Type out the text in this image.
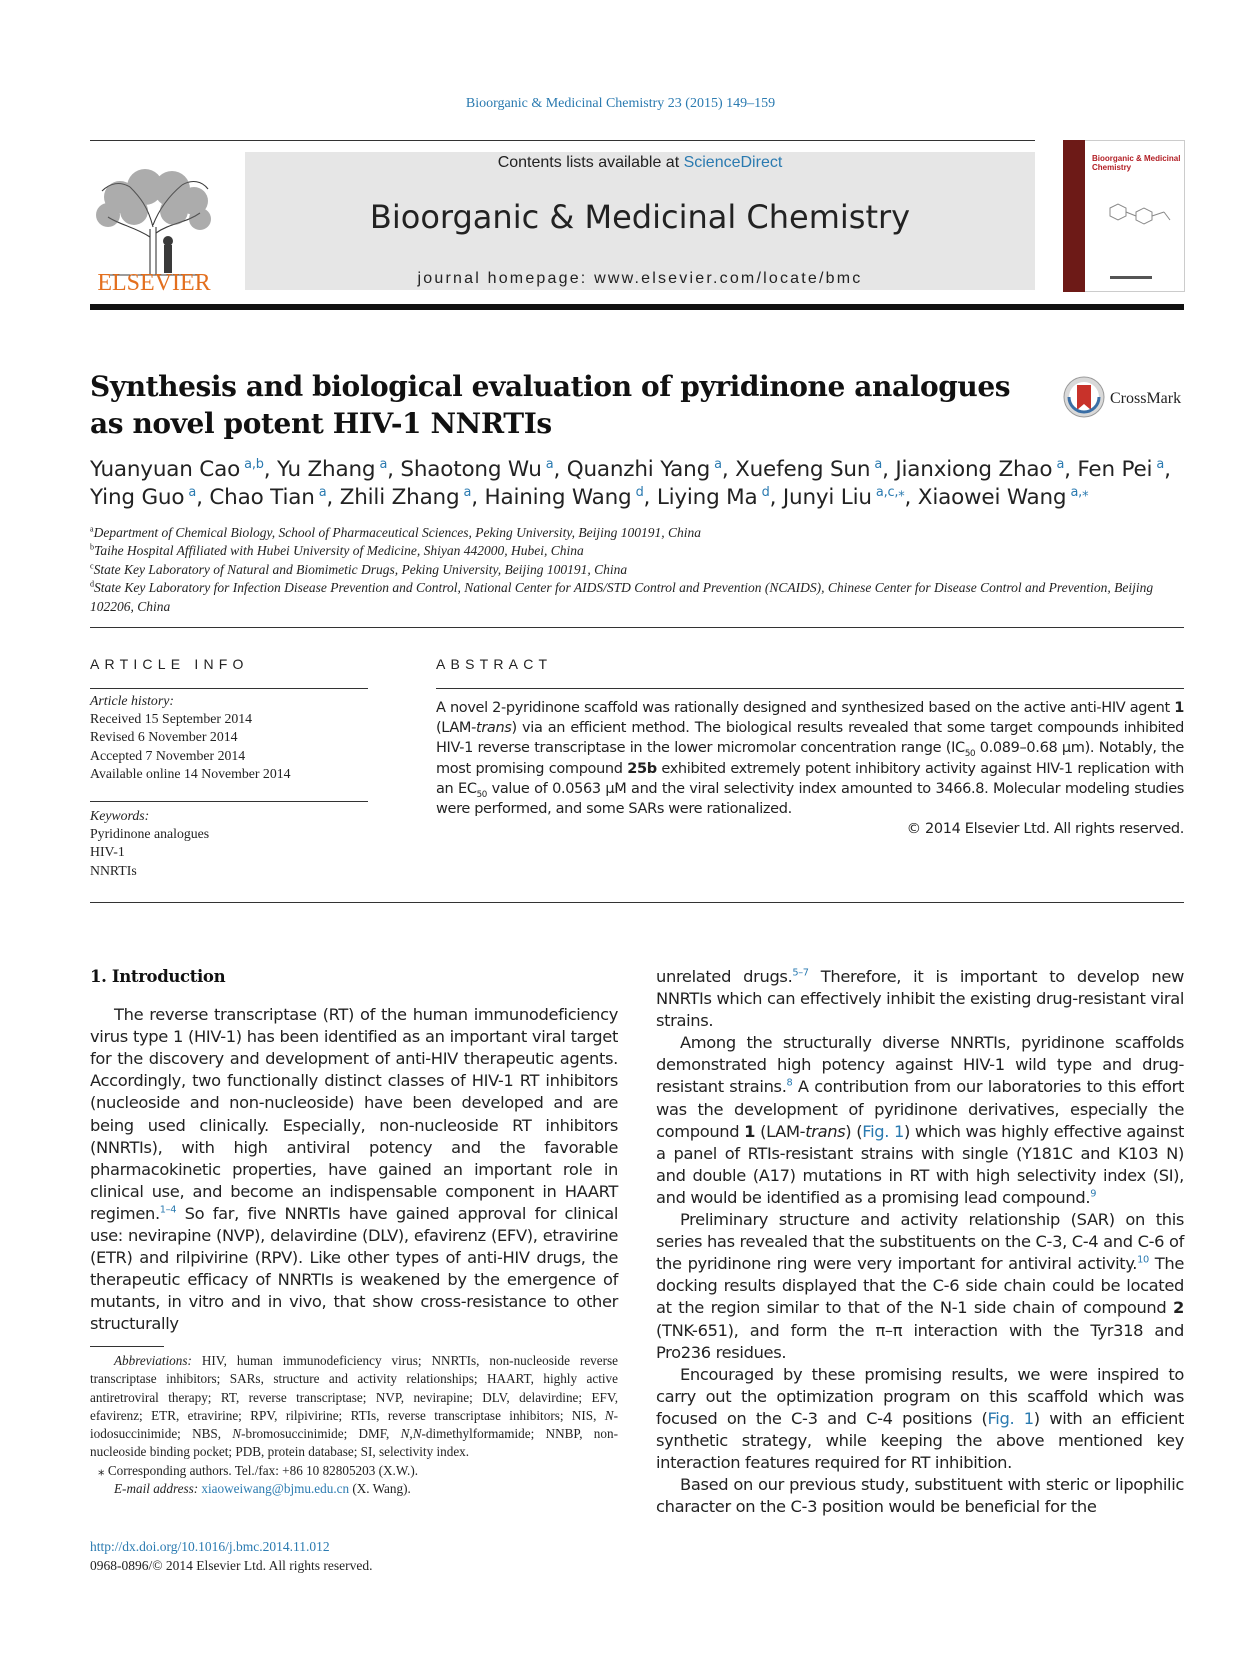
Bioorganic & Medicinal Chemistry 23 (2015) 149–159
ELSEVIER
Contents lists available at ScienceDirect
Bioorganic & Medicinal Chemistry
journal homepage: www.elsevier.com/locate/bmc
Bioorganic & Medicinal Chemistry
Synthesis and biological evaluation of pyridinone analogues as novel potent HIV-1 NNRTIs
CrossMark
Yuanyuan Cao  $^{a,b}$, Yu Zhang  $^a$, Shaotong Wu  $^a$, Quanzhi Yang  $^a$, Xuefeng Sun  $^a$, Jianxiong Zhao  $^a$, Fen Pei  $^a$,
Ying Guo  $^a$, Chao Tian  $^a$, Zhili Zhang  $^a$, Haining Wang  $^d$, Liying Ma  $^d$, Junyi Liu  $^{a,c,⁎}$, Xiaowei Wang  $^{a,⁎}$
$^a$Department of Chemical Biology, School of Pharmaceutical Sciences, Peking University, Beijing 100191, China
$^b$Taihe Hospital Affiliated with Hubei University of Medicine, Shiyan 442000, Hubei, China
$^c$State Key Laboratory of Natural and Biomimetic Drugs, Peking University, Beijing 100191, China
$^d$State Key Laboratory for Infection Disease Prevention and Control, National Center for AIDS/STD Control and Prevention (NCAIDS), Chinese Center for Disease Control and Prevention, Beijing 102206, China
ARTICLE INFO
Article history:
Received 15 September 2014
Revised 6 November 2014
Accepted 7 November 2014
Available online 14 November 2014
Keywords:
Pyridinone analogues
HIV-1
NNRTIs
ABSTRACT
A novel 2-pyridinone scaffold was rationally designed and synthesized based on the active anti-HIV agent 1 (LAM-trans) via an efficient method. The biological results revealed that some target compounds inhibited HIV-1 reverse transcriptase in the lower micromolar concentration range ($IC_{50}$ 0.089–0.68 μm). Notably, the most promising compound 25b exhibited extremely potent inhibitory activity against HIV-1 replication with an $EC_{50}$ value of 0.0563 μM and the viral selectivity index amounted to 3466.8. Molecular modeling studies were performed, and some SARs were rationalized.
© 2014 Elsevier Ltd. All rights reserved.
1. Introduction

The reverse transcriptase (RT) of the human immunodeficiency virus type 1 (HIV-1) has been identified as an important viral target for the discovery and development of anti-HIV therapeutic agents. Accordingly, two functionally distinct classes of HIV-1 RT inhibitors (nucleoside and non-nucleoside) have been developed and are being used clinically. Especially, non-nucleoside RT inhibitors (NNRTIs), with high antiviral potency and the favorable pharmacokinetic properties, have gained an important role in clinical use, and become an indispensable component in HAART regimen.$^{1-4}$ So far, five NNRTIs have gained approval for clinical use: nevirapine (NVP), delavirdine (DLV), efavirenz (EFV), etravirine (ETR) and rilpivirine (RPV). Like other types of anti-HIV drugs, the therapeutic efficacy of NNRTIs is weakened by the emergence of mutants, in vitro and in vivo, that show cross-resistance to other structurally

unrelated drugs.$^{5-7}$ Therefore, it is important to develop new NNRTIs which can effectively inhibit the existing drug-resistant viral strains.

Among the structurally diverse NNRTIs, pyridinone scaffolds demonstrated high potency against HIV-1 wild type and drug-resistant strains.$^8$ A contribution from our laboratories to this effort was the development of pyridinone derivatives, especially the compound 1 (LAM-trans) (Fig. 1) which was highly effective against a panel of RTIs-resistant strains with single (Y181C and K103 N) and double (A17) mutations in RT with high selectivity index (SI), and would be identified as a promising lead compound.$^9$

Preliminary structure and activity relationship (SAR) on this series has revealed that the substituents on the C-3, C-4 and C-6 of the pyridinone ring were very important for antiviral activity.$^{10}$ The docking results displayed that the C-6 side chain could be located at the region similar to that of the N-1 side chain of compound 2 (TNK-651), and form the π–π interaction with the Tyr318 and Pro236 residues.

Encouraged by these promising results, we were inspired to carry out the optimization program on this scaffold which was focused on the C-3 and C-4 positions (Fig. 1) with an efficient synthetic strategy, while keeping the above mentioned key interaction features required for RT inhibition.

Based on our previous study, substituent with steric or lipophilic character on the C-3 position would be beneficial for the

Abbreviations: HIV, human immunodeficiency virus; NNRTIs, non-nucleoside reverse transcriptase inhibitors; SARs, structure and activity relationships; HAART, highly active antiretroviral therapy; RT, reverse transcriptase; NVP, nevirapine; DLV, delavirdine; EFV, efavirenz; ETR, etravirine; RPV, rilpivirine; RTIs, reverse transcriptase inhibitors; NIS, N-iodosuccinimide; NBS, N-bromosuccinimide; DMF, N,N-dimethylformamide; NNBP, non-nucleoside binding pocket; PDB, protein database; SI, selectivity index.

⁎ Corresponding authors. Tel./fax: +86 10 82805203 (X.W.).

E-mail address: xiaoweiwang@bjmu.edu.cn (X. Wang).

http://dx.doi.org/10.1016/j.bmc.2014.11.012
0968-0896/© 2014 Elsevier Ltd. All rights reserved.
